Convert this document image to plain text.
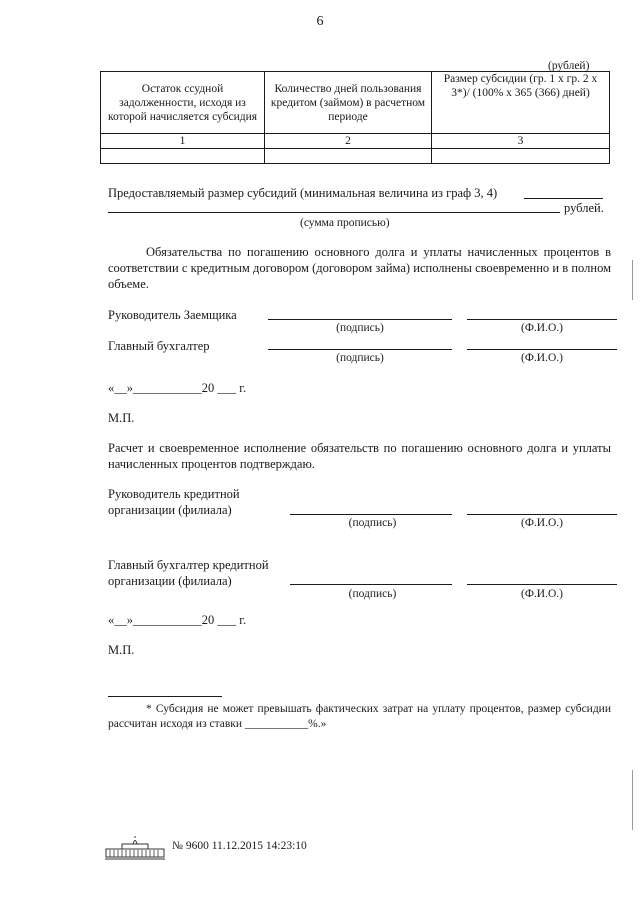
6
(рублей)
Остаток ссудной задолженности, исходя из которой начисляется субсидия	Количество дней пользования кредитом (займом) в расчетном периоде	Размер субсидии (гр. 1 х гр. 2 х 3*)/ (100% х 365 (366) дней)
1	2	3

Предоставляемый размер субсидий (минимальная величина из граф 3, 4)
рублей.
(сумма прописью)
Обязательства по погашению основного долга и уплаты начисленных процентов в соответствии с кредитным договором (договором займа) исполнены своевременно и в полном объеме.
Руководитель Заемщика
(подпись)	(Ф.И.О.)
Главный бухгалтер
(подпись)	(Ф.И.О.)
«__»___________20 ___ г.
М.П.
Расчет и своевременное исполнение обязательств по погашению основного долга и уплаты начисленных процентов подтверждаю.
Руководитель кредитной
организации (филиала)
(подпись)	(Ф.И.О.)
Главный бухгалтер кредитной
организации (филиала)
(подпись)	(Ф.И.О.)
«__»___________20 ___ г.
М.П.
* Субсидия не может превышать фактических затрат на уплату процентов, размер субсидии рассчитан исходя из ставки ___________%.»
№ 9600 11.12.2015 14:23:10
